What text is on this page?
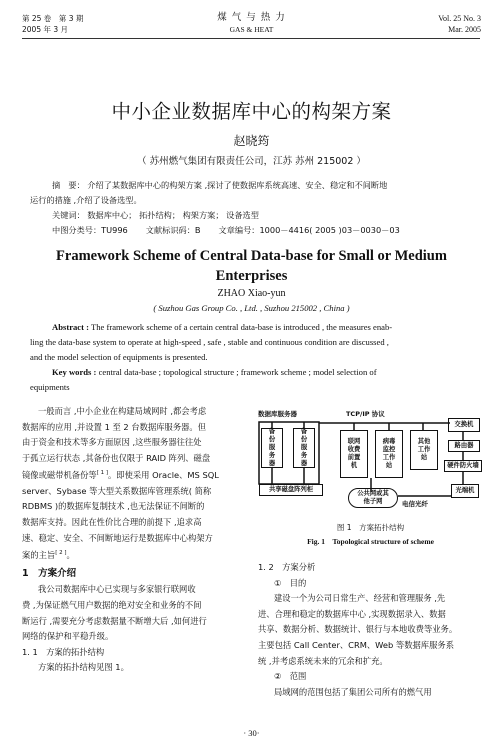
第 25 卷　第 3 期
2005 年 3 月
煤 气 与 热 力
GAS & HEAT
Vol. 25 No. 3
Mar. 2005
中小企业数据库中心的构架方案
赵晓筠
（ 苏州燃气集团有限责任公司，江苏 苏州 215002 ）
摘　要： 介绍了某数据库中心的构架方案 ,探讨了使数据库系统高速、安全、稳定和不间断地
运行的措施 ,介绍了设备选型。
关键词： 数据库中心； 拓扑结构； 构架方案； 设备选型
中图分类号：TU996 文献标识码：B 文章编号：1000－4416( 2005 )03－0030－03
Framework Scheme of Central Data-base for Small or Medium
Enterprises
ZHAO Xiao-yun
( Suzhou Gas Group Co. , Ltd. , Suzhou 215002 , China )
Abstract : The framework scheme of a certain central data-base is introduced , the measures enab-
ling the data-base system to operate at high-speed , safe , stable and continuous condition are discussed ,
and the model selection of equipments is presented.
Key words : central data-base ; topological structure ; framework scheme ; model selection of
equipments
一般而言 ,中小企业在构建局域网时 ,都会考虑
数据库的应用 ,并设置 1 至 2 台数据库服务器。但
由于资金和技术等多方面原因 ,这些服务器往往处
于孤立运行状态 ,其备份也仅限于 RAID 阵列、磁盘
镜像或磁带机备份等[ 1 ]。即使采用 Oracle、MS SQL
server、Sybase 等大型关系数据库管理系统( 简称
RDBMS )的数据库复制技术 ,也无法保证不间断的
数据库支持。因此在性价比合理的前提下 ,追求高
速、稳定、安全、不间断地运行是数据库中心构架方
案的主旨[ 2 ]。
1　方案介绍
我公司数据库中心已实现与多家银行联网收
费 ,为保证燃气用户数据的绝对安全和业务的不间
断运行 ,需要充分考虑数据量不断增大后 ,如何进行
网络的保护和平稳升级。
1. 1　方案的拓扑结构
方案的拓扑结构见图 1。
数据库服务器	TCP/IP 协议
备份服务器
备份服务器
联网收费前置机
病毒监控工作站
其他工作站
交换机
路由器
硬件防火墙
光端机
共享磁盘阵列柜
公共网或其他子网	电信光纤
图 1　方案拓扑结构
Fig. 1　Topological structure of scheme
1. 2　方案分析
①　目的
建设一个为公司日常生产、经营和管理服务 ,先
进、合理和稳定的数据库中心 ,实现数据录入、数据
共享、数据分析、数据统计、银行与本地收费等业务。
主要包括 Call Center、CRM、Web 等数据库服务系
统 ,并考虑系统未来的冗余和扩充。
②　范围
局域网的范围包括了集团公司所有的燃气用
· 30·
